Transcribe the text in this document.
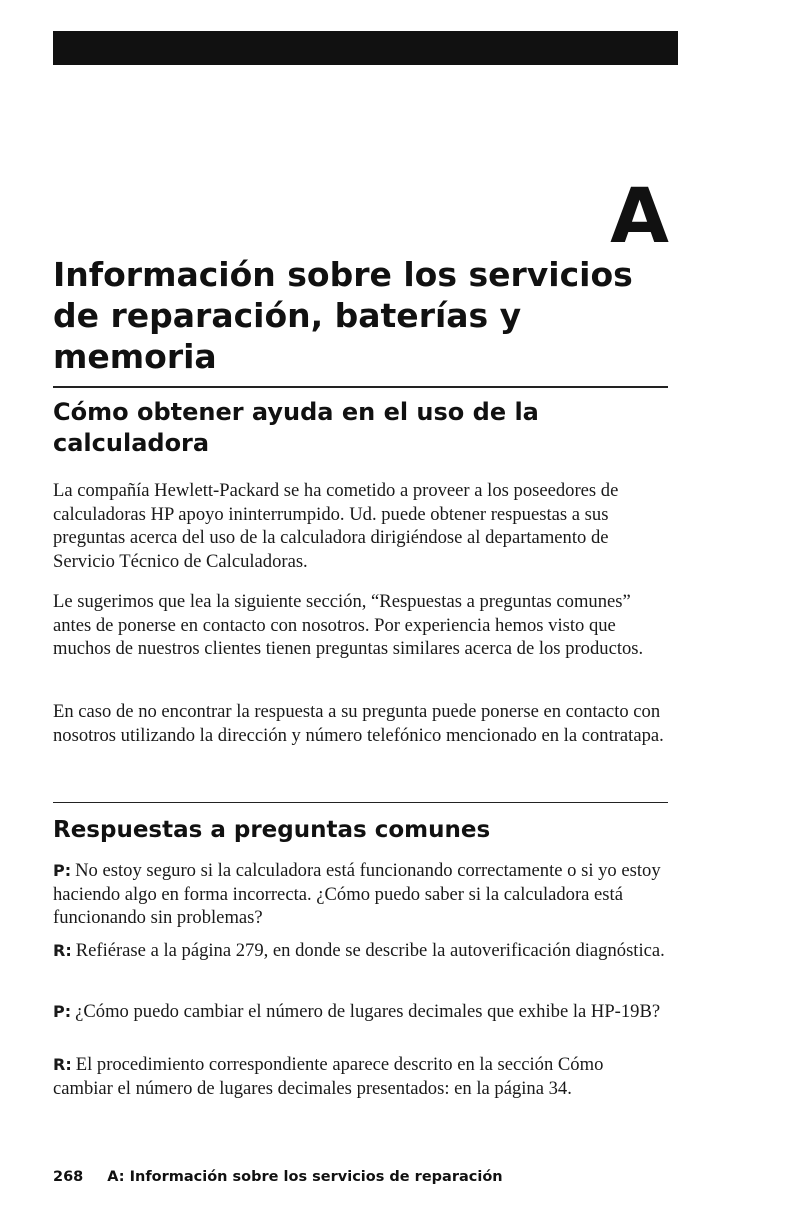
A
Información sobre los servicios de reparación, baterías y memoria
Cómo obtener ayuda en el uso de la calculadora

La compañía Hewlett-Packard se ha cometido a proveer a los poseedores de calculadoras HP apoyo ininterrumpido. Ud. puede obtener respuestas a sus preguntas acerca del uso de la calculadora dirigiéndose al departamento de Servicio Técnico de Calculadoras.

Le sugerimos que lea la siguiente sección, “Respuestas a preguntas comunes” antes de ponerse en contacto con nosotros. Por experiencia hemos visto que muchos de nuestros clientes tienen preguntas similares acerca de los productos.

En caso de no encontrar la respuesta a su pregunta puede ponerse en contacto con nosotros utilizando la dirección y número telefónico mencionado en la contratapa.

Respuestas a preguntas comunes

P: No estoy seguro si la calculadora está funcionando correctamente o si yo estoy haciendo algo en forma incorrecta. ¿Cómo puedo saber si la calculadora está funcionando sin problemas?

R: Refiérase a la página 279, en donde se describe la autoverificación diagnóstica.

P: ¿Cómo puedo cambiar el número de lugares decimales que exhibe la HP-19B?

R: El procedimiento correspondiente aparece descrito en la sección Cómo cambiar el número de lugares decimales presentados: en la página 34.

268 A: Información sobre los servicios de reparación
